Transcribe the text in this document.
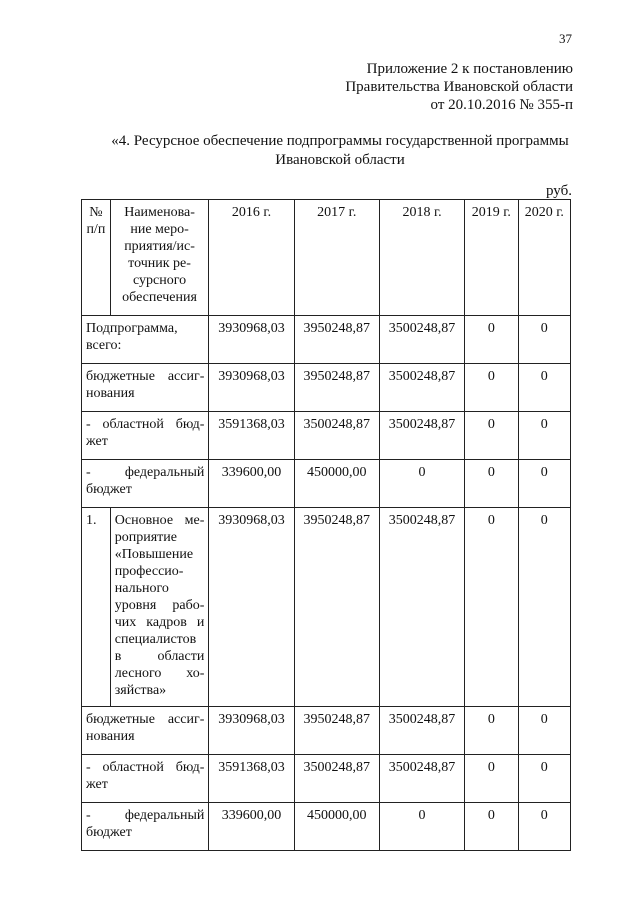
37
Приложение 2 к постановлению
Правительства Ивановской области
от 20.10.2016 № 355-п
«4. Ресурсное обеспечение подпрограммы государственной программы
Ивановской области
руб.
№ п/п	Наименова-ние меро-приятия/ис-точник ре-сурсного обеспечения	2016 г.	2017 г.	2018 г.	2019 г.	2020 г.
Подпрограмма, всего:		3930968,03	3950248,87	3500248,87	0	0
бюджетные ассиг-нования		3930968,03	3950248,87	3500248,87	0	0
- областной бюд-жет		3591368,03	3500248,87	3500248,87	0	0
- федеральный бюджет		339600,00	450000,00	0	0	0
1.	Основное ме-роприятие «Повышение профессио-нального уровня рабо-чих кадров и специалистов в области лесного хо-зяйства»	3930968,03	3950248,87	3500248,87	0	0
бюджетные ассиг-нования		3930968,03	3950248,87	3500248,87	0	0
- областной бюд-жет		3591368,03	3500248,87	3500248,87	0	0
- федеральный бюджет		339600,00	450000,00	0	0	0
